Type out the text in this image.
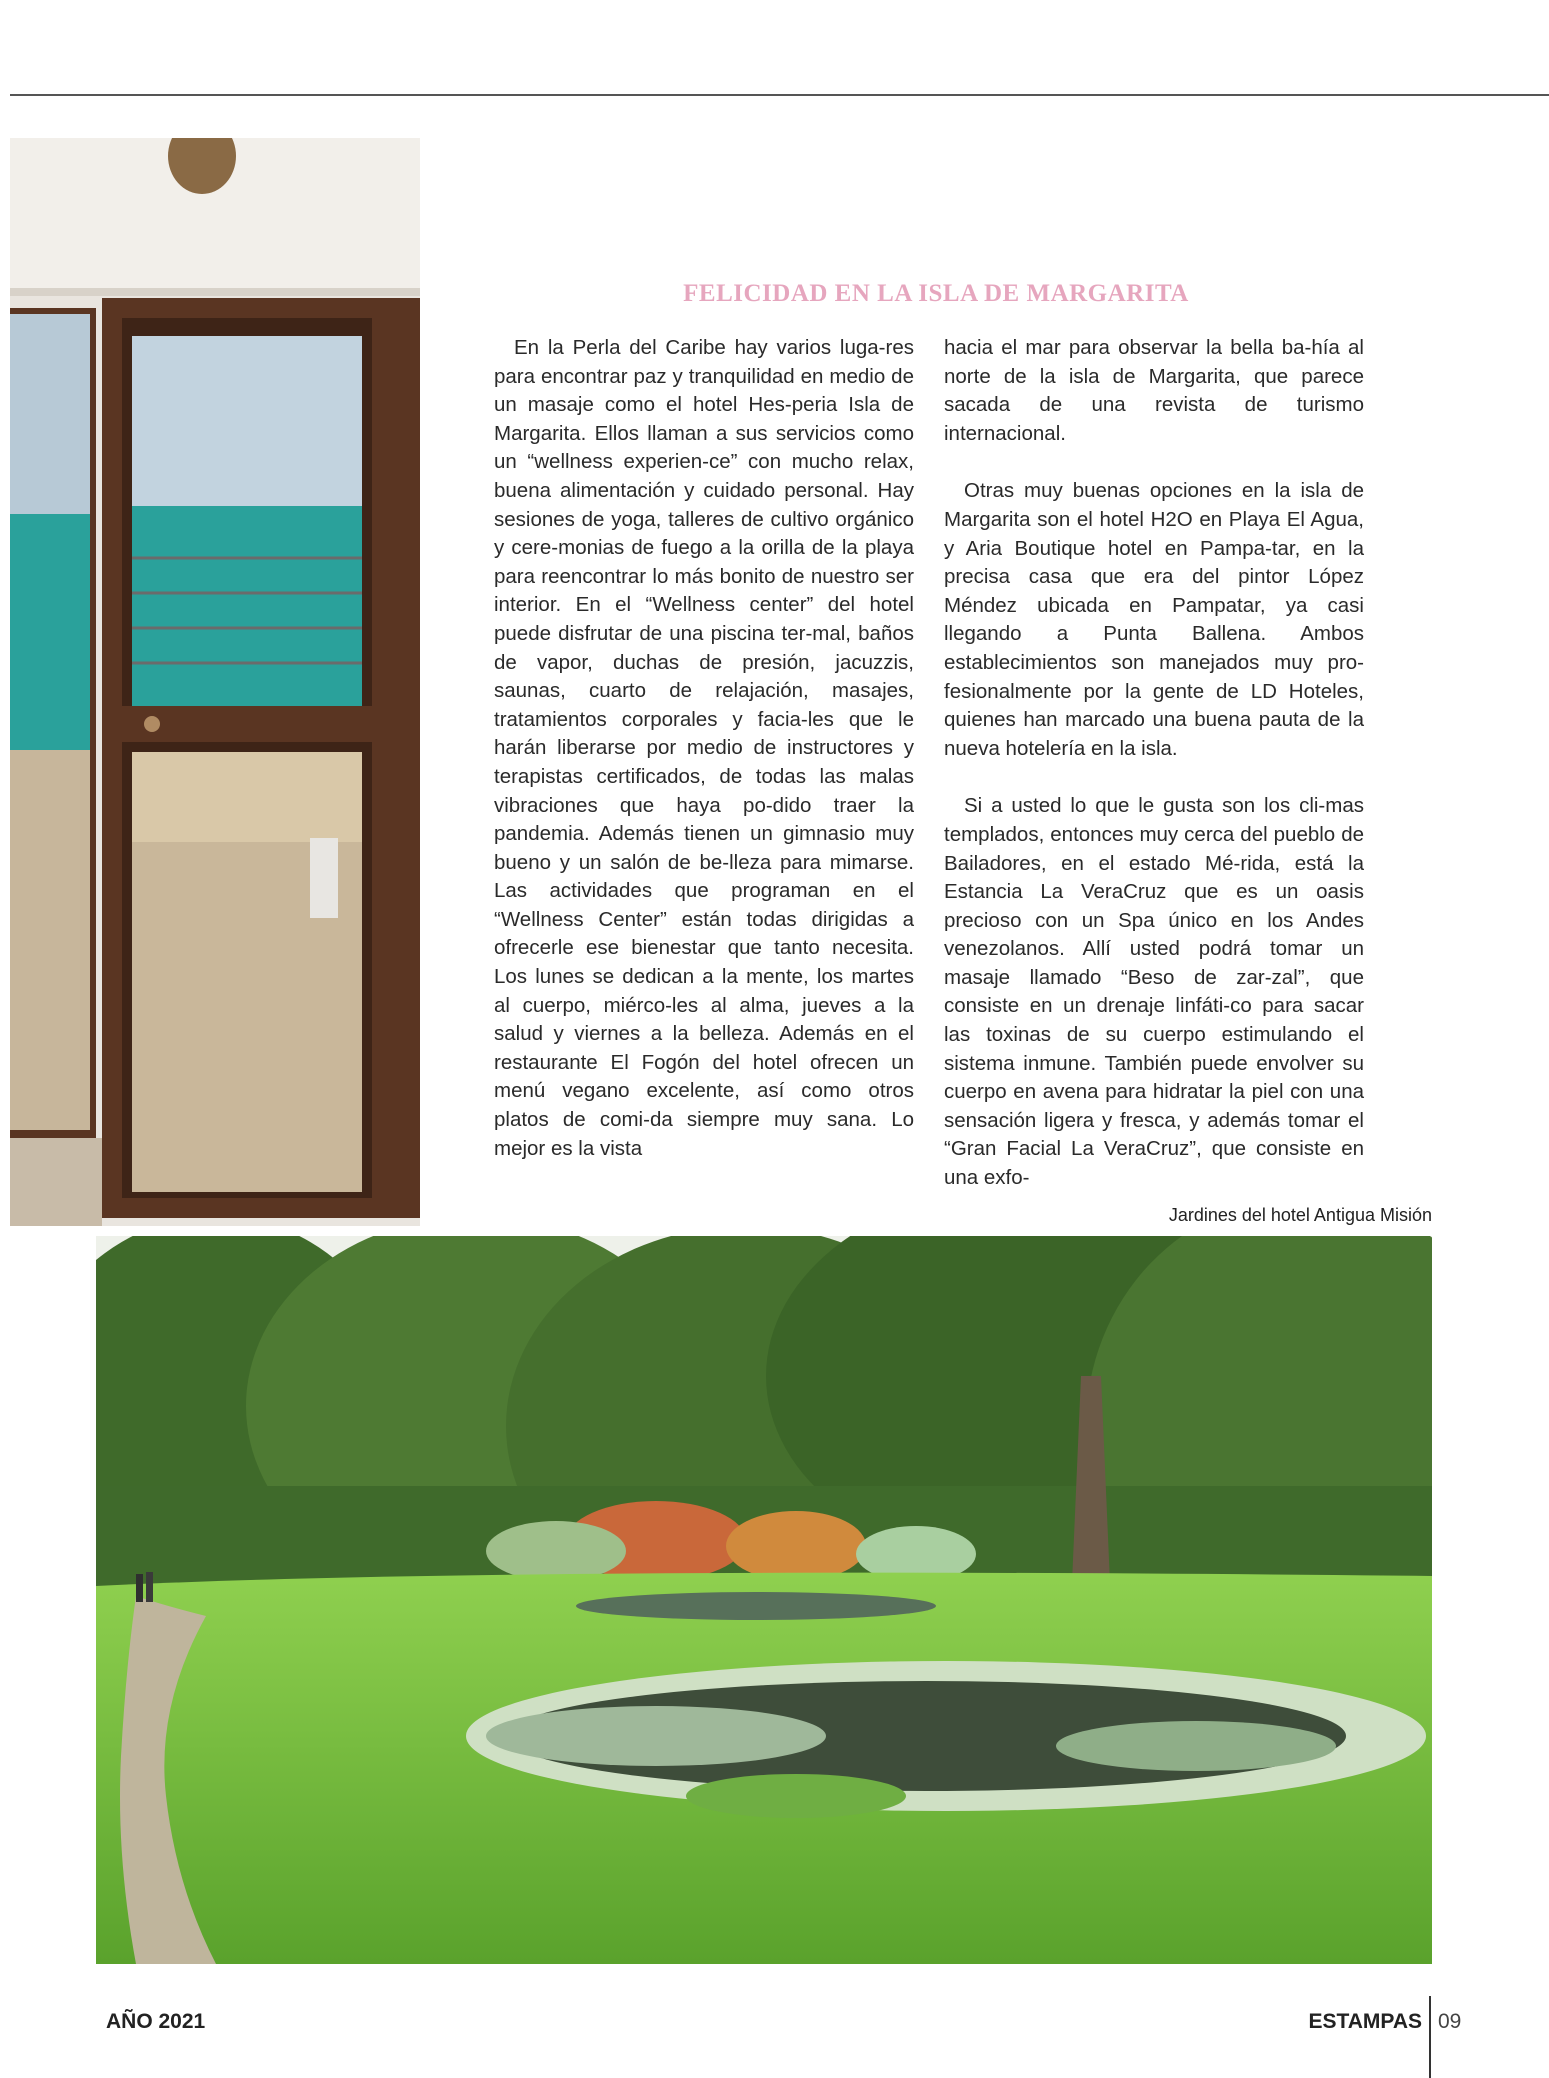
FELICIDAD EN LA ISLA DE MARGARITA

En la Perla del Caribe hay varios luga-res para encontrar paz y tranquilidad en medio de un masaje como el hotel Hes-peria Isla de Margarita. Ellos llaman a sus servicios como un “wellness experien-ce” con mucho relax, buena alimentación y cuidado personal. Hay sesiones de yoga, talleres de cultivo orgánico y cere-monias de fuego a la orilla de la playa para reencontrar lo más bonito de nuestro ser interior. En el “Wellness center” del hotel puede disfrutar de una piscina ter-mal, baños de vapor, duchas de presión, jacuzzis, saunas, cuarto de relajación, masajes, tratamientos corporales y facia-les que le harán liberarse por medio de instructores y terapistas certificados, de todas las malas vibraciones que haya po-dido traer la pandemia. Además tienen un gimnasio muy bueno y un salón de be-lleza para mimarse. Las actividades que programan en el “Wellness Center” están todas dirigidas a ofrecerle ese bienestar que tanto necesita. Los lunes se dedican a la mente, los martes al cuerpo, miérco-les al alma, jueves a la salud y viernes a la belleza. Además en el restaurante El Fogón del hotel ofrecen un menú vegano excelente, así como otros platos de comi-da siempre muy sana. Lo mejor es la vista

hacia el mar para observar la bella ba-hía al norte de la isla de Margarita, que parece sacada de una revista de turismo internacional.

Otras muy buenas opciones en la isla de Margarita son el hotel H2O en Playa El Agua, y Aria Boutique hotel en Pampa-tar, en la precisa casa que era del pintor López Méndez ubicada en Pampatar, ya casi llegando a Punta Ballena. Ambos establecimientos son manejados muy pro-fesionalmente por la gente de LD Hoteles, quienes han marcado una buena pauta de la nueva hotelería en la isla.

Si a usted lo que le gusta son los cli-mas templados, entonces muy cerca del pueblo de Bailadores, en el estado Mé-rida, está la Estancia La VeraCruz que es un oasis precioso con un Spa único en los Andes venezolanos. Allí usted podrá tomar un masaje llamado “Beso de zar-zal”, que consiste en un drenaje linfáti-co para sacar las toxinas de su cuerpo estimulando el sistema inmune. También puede envolver su cuerpo en avena para hidratar la piel con una sensación ligera y fresca, y además tomar el “Gran Facial La VeraCruz”, que consiste en una exfo-

Jardines del hotel Antigua Misión
AÑO 2021	ESTAMPAS 09
